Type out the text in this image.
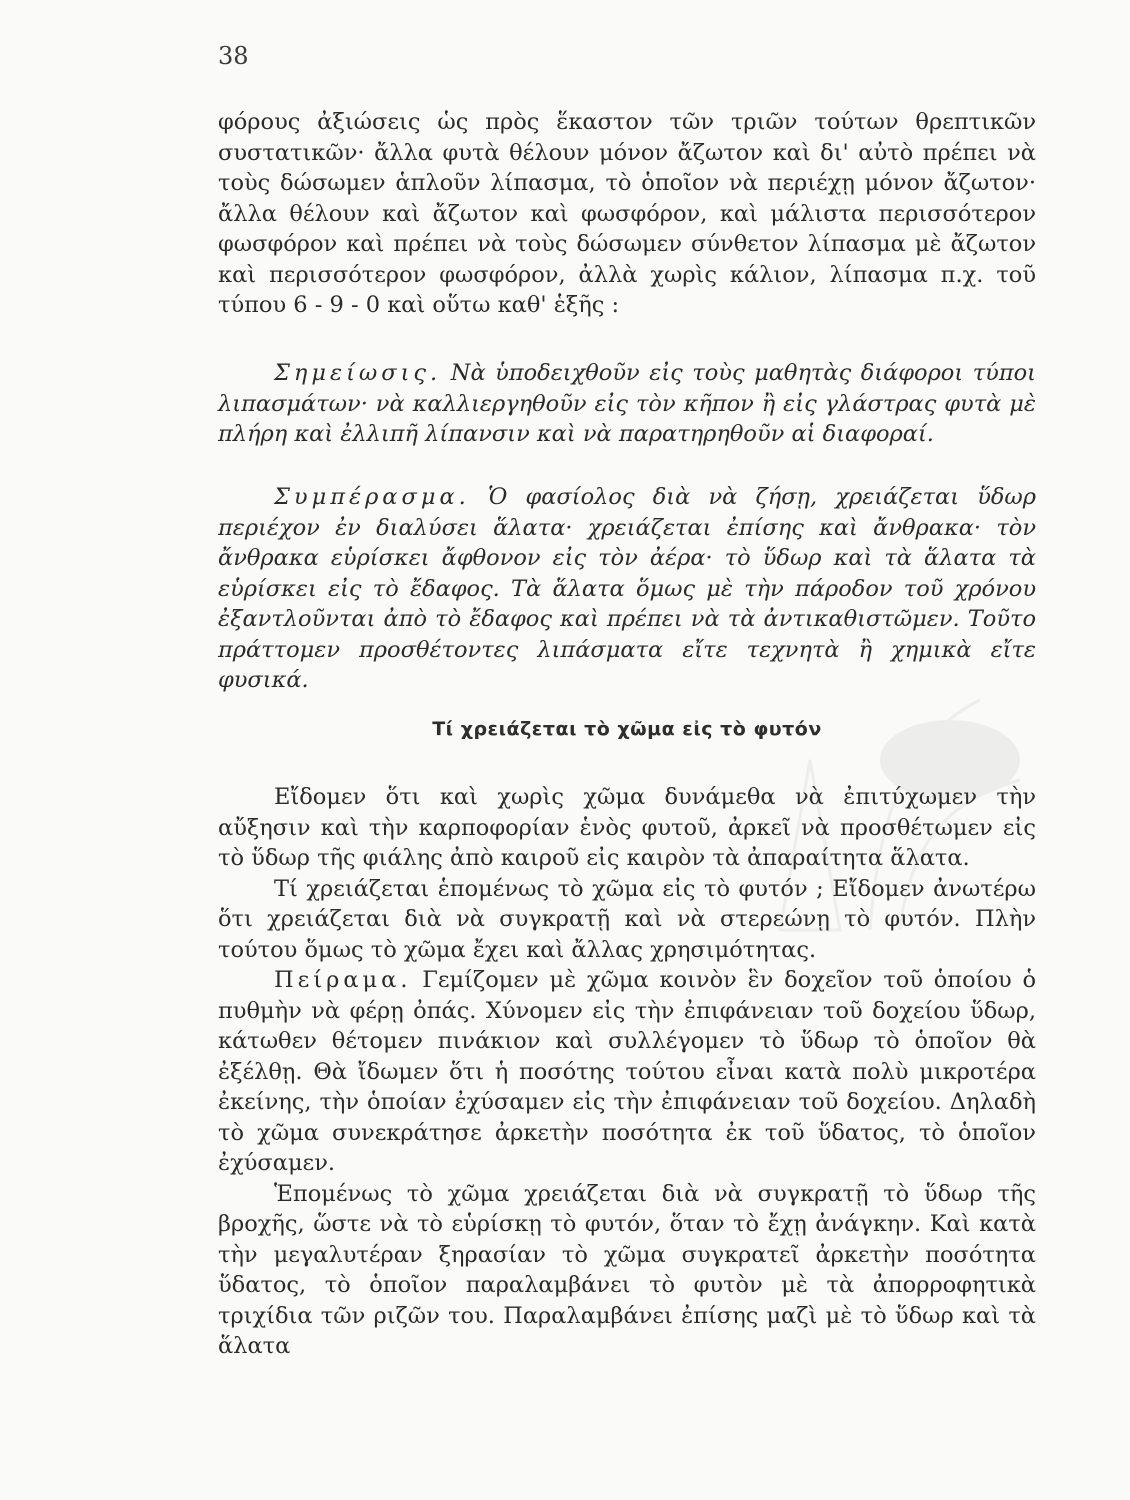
38

φόρους ἀξιώσεις ὡς πρὸς ἕκαστον τῶν τριῶν τούτων θρεπτικῶν συστατικῶν· ἄλλα φυτὰ θέλουν μόνον ἄζωτον καὶ δι' αὐτὸ πρέπει νὰ τοὺς δώσωμεν ἁπλοῦν λίπασμα, τὸ ὁποῖον νὰ περιέχῃ μόνον ἄζωτον· ἄλλα θέλουν καὶ ἄζωτον καὶ φωσφόρον, καὶ μάλιστα περισσότερον φωσφόρον καὶ πρέπει νὰ τοὺς δώσωμεν σύνθετον λίπασμα μὲ ἄζωτον καὶ περισσότερον φωσφόρον, ἀλλὰ χωρὶς κάλιον, λίπασμα π.χ. τοῦ τύπου 6 - 9 - 0 καὶ οὕτω καθ' ἑξῆς :

Σημείωσις. Νὰ ὑποδειχθοῦν εἰς τοὺς μαθητὰς διάφοροι τύποι λιπασμάτων· νὰ καλλιεργηθοῦν εἰς τὸν κῆπον ἢ εἰς γλάστρας φυτὰ μὲ πλήρη καὶ ἐλλιπῆ λίπανσιν καὶ νὰ παρατηρηθοῦν αἱ διαφοραί.

Συμπέρασμα. Ὁ φασίολος διὰ νὰ ζήσῃ, χρειάζεται ὕδωρ περιέχον ἐν διαλύσει ἅλατα· χρειάζεται ἐπίσης καὶ ἄνθρακα· τὸν ἄνθρακα εὑρίσκει ἄφθονον εἰς τὸν ἀέρα· τὸ ὕδωρ καὶ τὰ ἅλατα τὰ εὑρίσκει εἰς τὸ ἔδαφος. Τὰ ἅλατα ὅμως μὲ τὴν πάροδον τοῦ χρόνου ἐξαντλοῦνται ἀπὸ τὸ ἔδαφος καὶ πρέπει νὰ τὰ ἀντικαθιστῶμεν. Τοῦτο πράττομεν προσθέτοντες λιπάσματα εἴτε τεχνητὰ ἢ χημικὰ εἴτε φυσικά.

Τί χρειάζεται τὸ χῶμα εἰς τὸ φυτόν

Εἴδομεν ὅτι καὶ χωρὶς χῶμα δυνάμεθα νὰ ἐπιτύχωμεν τὴν αὔξησιν καὶ τὴν καρποφορίαν ἑνὸς φυτοῦ, ἀρκεῖ νὰ προσθέτωμεν εἰς τὸ ὕδωρ τῆς φιάλης ἀπὸ καιροῦ εἰς καιρὸν τὰ ἀπαραίτητα ἅλατα.

Τί χρειάζεται ἑπομένως τὸ χῶμα εἰς τὸ φυτόν ; Εἴδομεν ἀνωτέρω ὅτι χρειάζεται διὰ νὰ συγκρατῇ καὶ νὰ στερεώνῃ τὸ φυτόν. Πλὴν τούτου ὅμως τὸ χῶμα ἔχει καὶ ἄλλας χρησιμότητας.

Πείραμα. Γεμίζομεν μὲ χῶμα κοινὸν ἓν δοχεῖον τοῦ ὁποίου ὁ πυθμὴν νὰ φέρῃ ὀπάς. Χύνομεν εἰς τὴν ἐπιφάνειαν τοῦ δοχείου ὕδωρ, κάτωθεν θέτομεν πινάκιον καὶ συλλέγομεν τὸ ὕδωρ τὸ ὁποῖον θὰ ἐξέλθῃ. Θὰ ἴδωμεν ὅτι ἡ ποσότης τούτου εἶναι κατὰ πολὺ μικροτέρα ἐκείνης, τὴν ὁποίαν ἐχύσαμεν εἰς τὴν ἐπιφάνειαν τοῦ δοχείου. Δηλαδὴ τὸ χῶμα συνεκράτησε ἀρκετὴν ποσότητα ἐκ τοῦ ὕδατος, τὸ ὁποῖον ἐχύσαμεν.

Ἑπομένως τὸ χῶμα χρειάζεται διὰ νὰ συγκρατῇ τὸ ὕδωρ τῆς βροχῆς, ὥστε νὰ τὸ εὑρίσκῃ τὸ φυτόν, ὅταν τὸ ἔχῃ ἀνάγκην. Καὶ κατὰ τὴν μεγαλυτέραν ξηρασίαν τὸ χῶμα συγκρατεῖ ἀρκετὴν ποσότητα ὕδατος, τὸ ὁποῖον παραλαμβάνει τὸ φυτὸν μὲ τὰ ἀπορροφητικὰ τριχίδια τῶν ριζῶν του. Παραλαμβάνει ἐπίσης μαζὶ μὲ τὸ ὕδωρ καὶ τὰ ἅλατα
